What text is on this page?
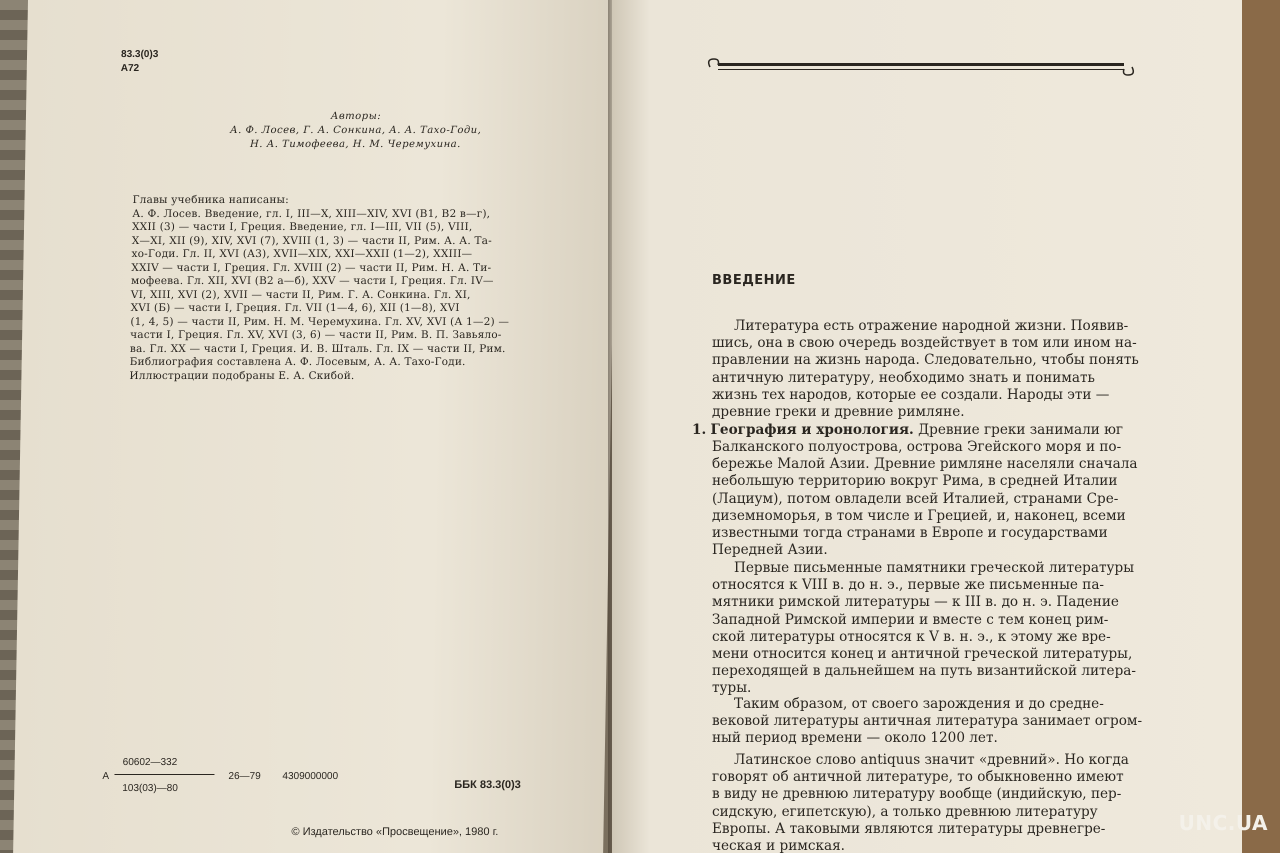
83.3(0)3
A72
Авторы:
А. Ф. Лосев, Г. А. Сонкина, А. А. Тахо-Годи,
Н. А. Тимофеева, Н. М. Черемухина.
Главы учебника написаны:
А. Ф. Лосев. Введение, гл. I, III—X, XIII—XIV, XVI (В1, В2 в—г),
XXII (3) — части I, Греция. Введение, гл. I—III, VII (5), VIII,
X—XI, XII (9), XIV, XVI (7), XVIII (1, 3) — части II, Рим. А. А. Та-
хо-Годи. Гл. II, XVI (А3), XVII—XIX, XXI—XXII (1—2), XXIII—
XXIV — части I, Греция. Гл. XVIII (2) — части II, Рим. Н. А. Ти-
мофеева. Гл. XII, XVI (В2 а—б), XXV — части I, Греция. Гл. IV—
VI, XIII, XVI (2), XVII — части II, Рим. Г. А. Сонкина. Гл. XI,
XVI (Б) — части I, Греция. Гл. VII (1—4, 6), XII (1—8), XVI
(1, 4, 5) — части II, Рим. Н. М. Черемухина. Гл. XV, XVI (А 1—2) —
части I, Греция. Гл. XV, XVI (3, 6) — части II, Рим. В. П. Завьяло-
ва. Гл. XX — части I, Греция. И. В. Шталь. Гл. IX — части II, Рим.
Библиография составлена А. Ф. Лосевым, А. А. Тахо-Годи.
Иллюстрации подобраны Е. А. Скибой.
А
60602—332
103(03)—80
26—79 4309000000
ББК 83.3(0)3
© Издательство «Просвещение», 1980 г.
ВВЕДЕНИЕ
Литература есть отражение народной жизни. Появив-
шись, она в свою очередь воздействует в том или ином на-
правлении на жизнь народа. Следовательно, чтобы понять
античную литературу, необходимо знать и понимать
жизнь тех народов, которые ее создали. Народы эти —
древние греки и древние римляне.
1. География и хронология. Древние греки занимали юг
Балканского полуострова, острова Эгейского моря и по-
бережье Малой Азии. Древние римляне населяли сначала
небольшую территорию вокруг Рима, в средней Италии
(Лациум), потом овладели всей Италией, странами Сре-
диземноморья, в том числе и Грецией, и, наконец, всеми
известными тогда странами в Европе и государствами
Передней Азии.
Первые письменные памятники греческой литературы
относятся к VIII в. до н. э., первые же письменные па-
мятники римской литературы — к III в. до н. э. Падение
Западной Римской империи и вместе с тем конец рим-
ской литературы относятся к V в. н. э., к этому же вре-
мени относится конец и античной греческой литературы,
переходящей в дальнейшем на путь византийской литера-
туры.
Таким образом, от своего зарождения и до средне-
вековой литературы античная литература занимает огром-
ный период времени — около 1200 лет.
Латинское слово antiquus значит «древний». Но когда
говорят об античной литературе, то обыкновенно имеют
в виду не древнюю литературу вообще (индийскую, пер-
сидскую, египетскую), а только древнюю литературу
Европы. А таковыми являются литературы древнегре-
ческая и римская.
UNC.UA
